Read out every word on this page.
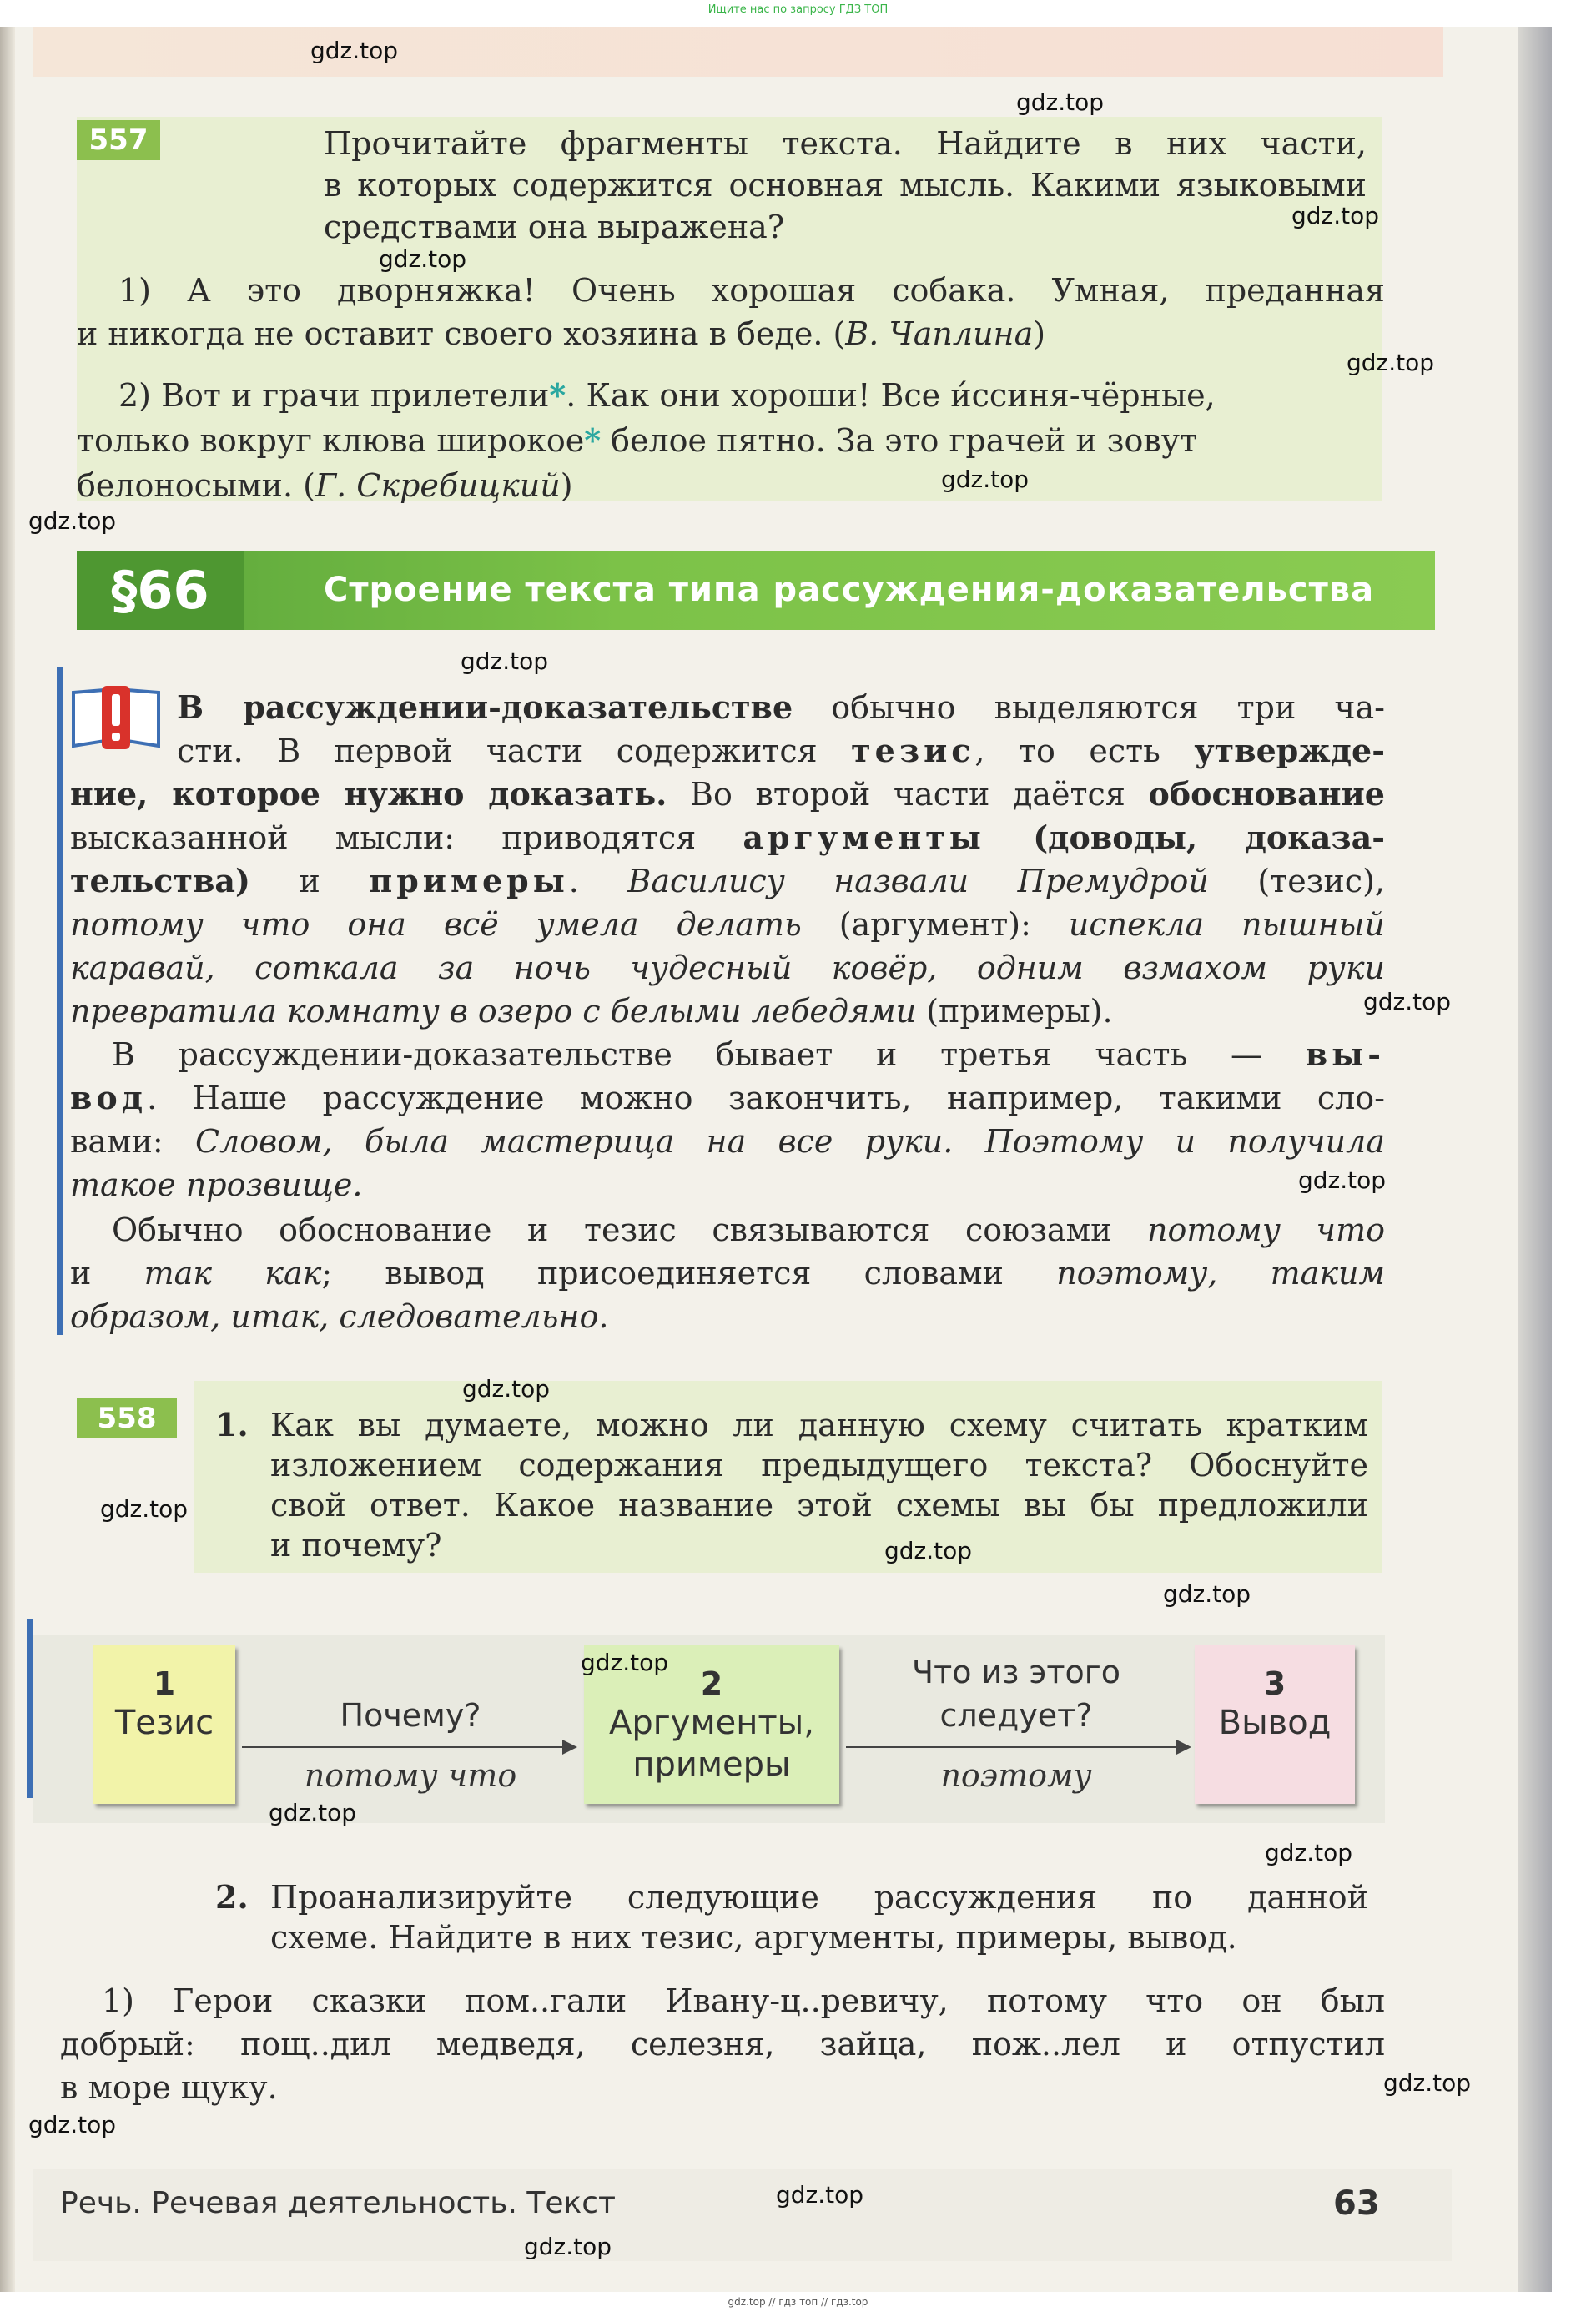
Ищите нас по запросу ГДЗ ТОП
557	Прочитайте фрагменты текста. Найдите в них части,

в которых содержится основная мысль. Какими языковыми

средствами она выражена?

1) А это дворняжка! Очень хорошая собака. Умная, преданная

и никогда не оставит своего хозяина в беде. (В. Чаплина)

2) Вот и грачи прилетели*. Как они хороши! Все и́ссиня-чёрные,

только вокруг клюва широкое* белое пятно. За это грачей и зовут

белоносыми. (Г. Скребицкий)

§66	Строение текста типа рассуждения-доказательства

В рассуждении-доказательстве обычно выделяются три ча-

сти. В первой части содержится тезис, то есть утвержде-

ние, которое нужно доказать. Во второй части даётся обоснование

высказанной мысли: приводятся аргументы (доводы, доказа-

тельства) и примеры. Василису назвали Премудрой (тезис),

потому что она всё умела делать (аргумент): испекла пышный

каравай, соткала за ночь чудесный ковёр, одним взмахом руки

превратила комнату в озеро с белыми лебедями (примеры).

В рассуждении-доказательстве бывает и третья часть — вы-

вод. Наше рассуждение можно закончить, например, такими сло-

вами: Словом, была мастерица на все руки. Поэтому и получила

такое прозвище.

Обычно обоснование и тезис связываются союзами потому что

и так как; вывод присоединяется словами поэтому, таким

образом, итак, следовательно.

558	1. Как вы думаете, можно ли данную схему считать кратким

изложением содержания предыдущего текста? Обоснуйте

свой ответ. Какое название этой схемы вы бы предложили

и почему?

1
Тезис	Почему?
потому что
2
Аргументы,
примеры
Что из этого
следует?
поэтому
3
Вывод

2. Проанализируйте следующие рассуждения по данной

схеме. Найдите в них тезис, аргументы, примеры, вывод.

1) Герои сказки пом..гали Ивану-ц..ревичу, потому что он был

добрый: пощ..дил медведя, селезня, зайца, пож..лел и отпустил

в море щуку.

Речь. Речевая деятельность. Текст	63
gdz.top
gdz.top
gdz.top
gdz.top
gdz.top
gdz.top
gdz.top
gdz.top
gdz.top
gdz.top
gdz.top
gdz.top
gdz.top
gdz.top
gdz.top
gdz.top
gdz.top
gdz.top
gdz.top
gdz.top
gdz.top
gdz.top // гдз топ // гдз.top
